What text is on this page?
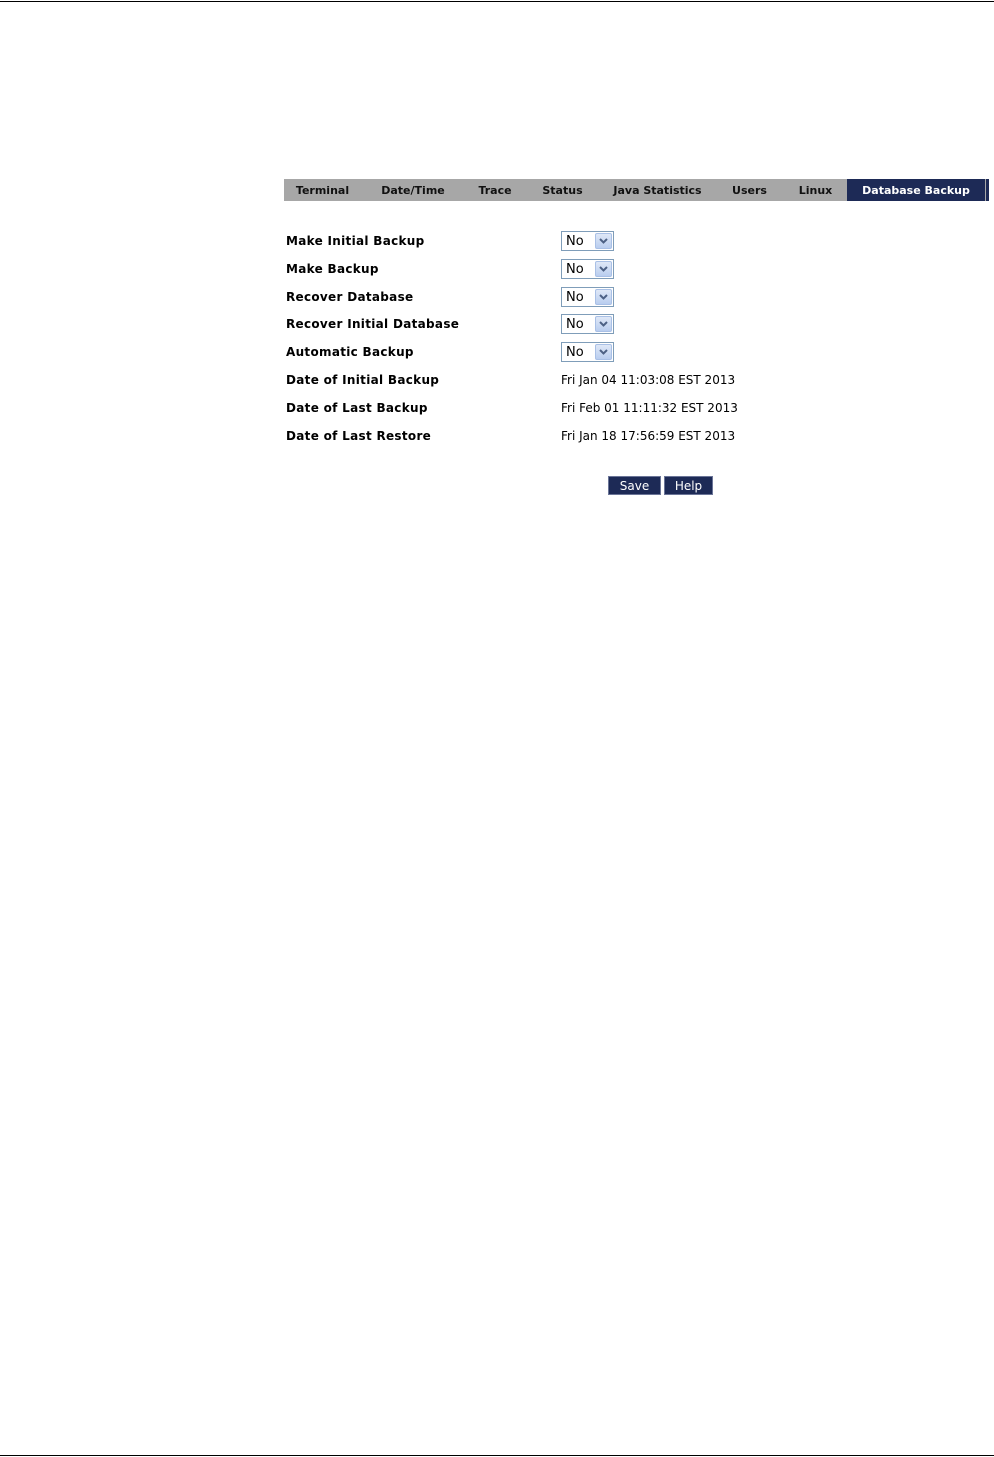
Terminal	Date/Time	Trace	Status	Java Statistics	Users	Linux	Database Backup
Make Initial Backup	No
Make Backup	No
Recover Database	No
Recover Initial Database	No
Automatic Backup	No
Date of Initial Backup	Fri Jan 04 11:03:08 EST 2013
Date of Last Backup	Fri Feb 01 11:11:32 EST 2013
Date of Last Restore	Fri Jan 18 17:56:59 EST 2013
Save	Help
